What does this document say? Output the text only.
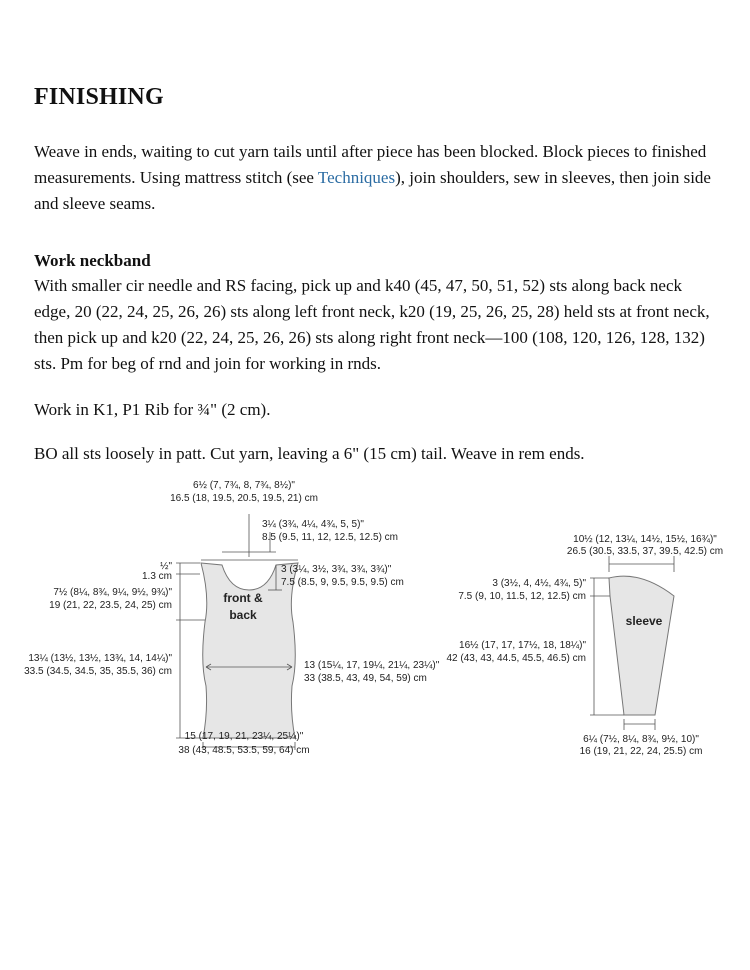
FINISHING

Weave in ends, waiting to cut yarn tails until after piece has been blocked. Block pieces to finished measurements. Using mattress stitch (see Techniques), join shoulders, sew in sleeves, then join side and sleeve seams.

Work neckband

With smaller cir needle and RS facing, pick up and k40 (45, 47, 50, 51, 52) sts along back neck edge, 20 (22, 24, 25, 26, 26) sts along left front neck, k20 (19, 25, 26, 25, 28) held sts at front neck, then pick up and k20 (22, 24, 25, 26, 26) sts along right front neck—100 (108, 120, 126, 128, 132) sts. Pm for beg of rnd and join for working in rnds.

Work in K1, P1 Rib for ¾" (2 cm).

BO all sts loosely in patt. Cut yarn, leaving a 6" (15 cm) tail. Weave in rem ends.

front &
back
6½ (7, 7¾, 8, 7¾, 8½)"
16.5 (18, 19.5, 20.5, 19.5, 21) cm
3¼ (3¾, 4¼, 4¾, 5, 5)"
8.5 (9.5, 11, 12, 12.5, 12.5) cm
3 (3¼, 3½, 3¾, 3¾, 3¾)"
7.5 (8.5, 9, 9.5, 9.5, 9.5) cm
½"
1.3 cm
7½ (8¼, 8¾, 9¼, 9½, 9¾)"
19 (21, 22, 23.5, 24, 25) cm
13¼ (13½, 13½, 13¾, 14, 14¼)"
33.5 (34.5, 34.5, 35, 35.5, 36) cm
13 (15¼, 17, 19¼, 21¼, 23¼)"
33 (38.5, 43, 49, 54, 59) cm
15 (17, 19, 21, 23¼, 25¼)"
38 (43, 48.5, 53.5, 59, 64) cm
sleeve
10½ (12, 13¼, 14½, 15½, 16¾)"
26.5 (30.5, 33.5, 37, 39.5, 42.5) cm
3 (3½, 4, 4½, 4¾, 5)"
7.5 (9, 10, 11.5, 12, 12.5) cm
16½ (17, 17, 17½, 18, 18¼)"
42 (43, 43, 44.5, 45.5, 46.5) cm
6¼ (7½, 8¼, 8¾, 9½, 10)"
16 (19, 21, 22, 24, 25.5) cm
